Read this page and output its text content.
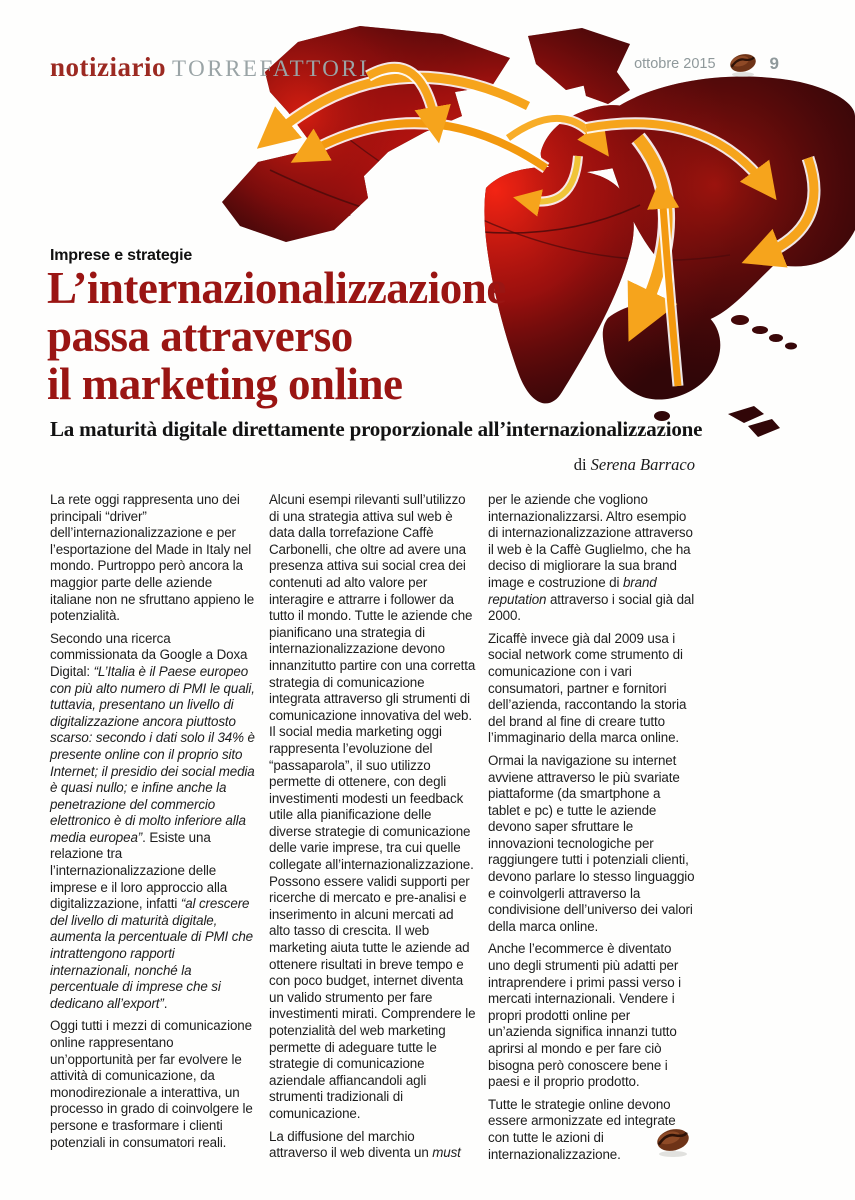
notiziario TORREFATTORI	ottobre 2015	9
Imprese e strategie
L’internazionalizzazione
passa attraverso
il marketing online
La maturità digitale direttamente proporzionale all’internazionalizzazione
di Serena Barraco

La rete oggi rappresenta uno dei principali “driver” dell’internazionalizzazione e per l’esportazione del Made in Italy nel mondo. Purtroppo però ancora la maggior parte delle aziende italiane non ne sfruttano appieno le potenzialità.

Secondo una ricerca commissionata da Google a Doxa Digital: “L’Italia è il Paese europeo con più alto numero di PMI le quali, tuttavia, presentano un livello di digitalizzazione ancora piuttosto scarso: secondo i dati solo il 34% è presente online con il proprio sito Internet; il presidio dei social media è quasi nullo; e infine anche la penetrazione del commercio elettronico è di molto inferiore alla media europea”. Esiste una relazione tra l’internazionalizzazione delle imprese e il loro approccio alla digitalizzazione, infatti “al crescere del livello di maturità digitale, aumenta la percentuale di PMI che intrattengono rapporti internazionali, nonché la percentuale di imprese che si dedicano all’export”.

Oggi tutti i mezzi di comunicazione online rappresentano un’opportunità per far evolvere le attività di comunicazione, da monodirezionale a interattiva, un processo in grado di coinvolgere le persone e trasformare i clienti potenziali in consumatori reali.

Alcuni esempi rilevanti sull’utilizzo di una strategia attiva sul web è data dalla torrefazione Caffè Carbonelli, che oltre ad avere una presenza attiva sui social crea dei contenuti ad alto valore per interagire e attrarre i follower da tutto il mondo. Tutte le aziende che pianificano una strategia di internazionalizzazione devono innanzitutto partire con una corretta strategia di comunicazione integrata attraverso gli strumenti di comunicazione innovativa del web. Il social media marketing oggi rappresenta l’evoluzione del “passaparola”, il suo utilizzo permette di ottenere, con degli investimenti modesti un feedback utile alla pianificazione delle diverse strategie di comunicazione delle varie imprese, tra cui quelle collegate all’internazionalizzazione. Possono essere validi supporti per ricerche di mercato e pre-analisi e inserimento in alcuni mercati ad alto tasso di crescita. Il web marketing aiuta tutte le aziende ad ottenere risultati in breve tempo e con poco budget, internet diventa un valido strumento per fare investimenti mirati. Comprendere le potenzialità del web marketing permette di adeguare tutte le strategie di comunicazione aziendale affiancandoli agli strumenti tradizionali di comunicazione.

La diffusione del marchio attraverso il web diventa un must

per le aziende che vogliono internazionalizzarsi. Altro esempio di internazionalizzazione attraverso il web è la Caffè Guglielmo, che ha deciso di migliorare la sua brand image e costruzione di brand reputation attraverso i social già dal 2000.

Zicaffè invece già dal 2009 usa i social network come strumento di comunicazione con i vari consumatori, partner e fornitori dell’azienda, raccontando la storia del brand al fine di creare tutto l’immaginario della marca online.

Ormai la navigazione su internet avviene attraverso le più svariate piattaforme (da smartphone a tablet e pc) e tutte le aziende devono saper sfruttare le innovazioni tecnologiche per raggiungere tutti i potenziali clienti, devono parlare lo stesso linguaggio e coinvolgerli attraverso la condivisione dell’universo dei valori della marca online.

Anche l’ecommerce è diventato uno degli strumenti più adatti per intraprendere i primi passi verso i mercati internazionali. Vendere i propri prodotti online per un’azienda significa innanzi tutto aprirsi al mondo e per fare ciò bisogna però conoscere bene i paesi e il proprio prodotto.

Tutte le strategie online devono essere armonizzate ed integrate con tutte le azioni di internazionalizzazione.
